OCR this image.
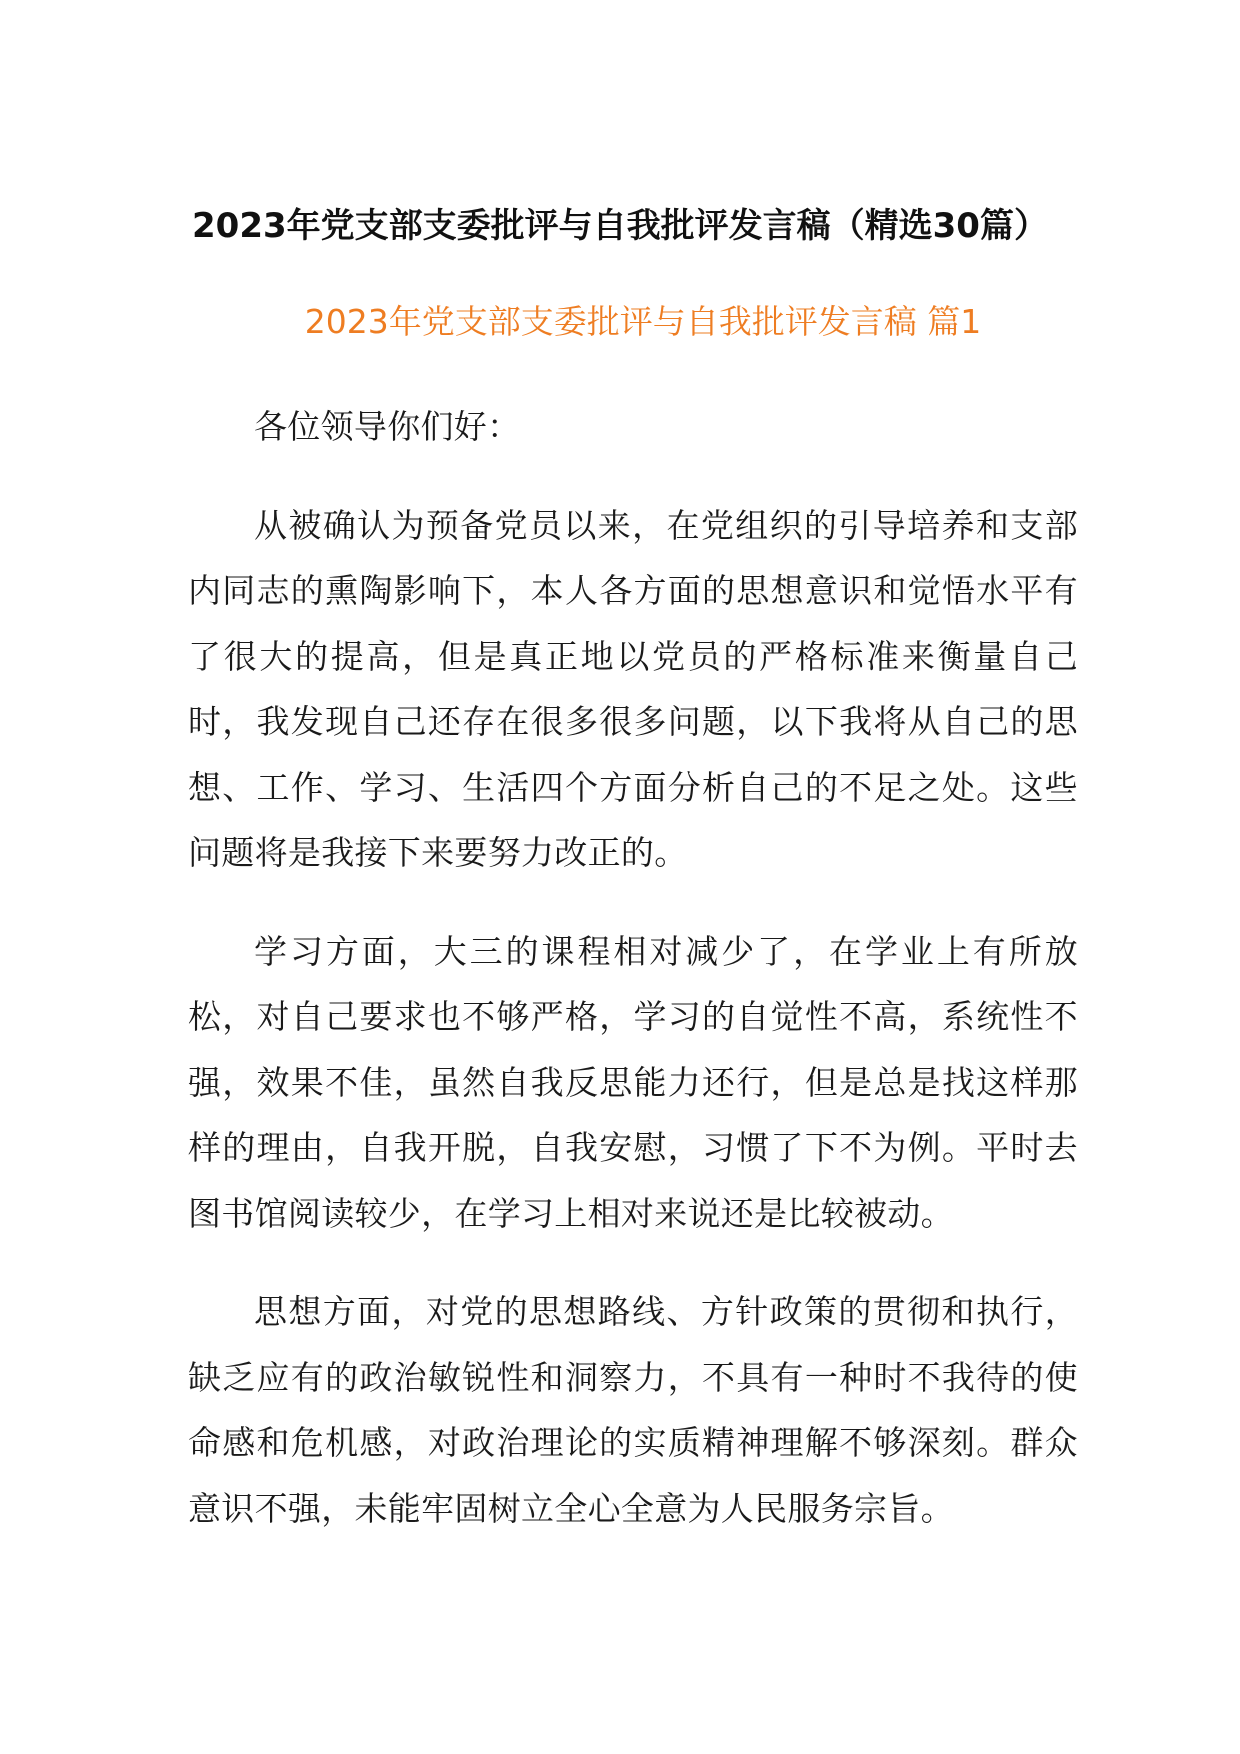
2023年党支部支委批评与自我批评发言稿（精选30篇）
2023年党支部支委批评与自我批评发言稿 篇1

各位领导你们好：

从被确认为预备党员以来，在党组织的引导培养和支部内同志的熏陶影响下，本人各方面的思想意识和觉悟水平有了很大的提高，但是真正地以党员的严格标准来衡量自己时，我发现自己还存在很多很多问题，以下我将从自己的思想、工作、学习、生活四个方面分析自己的不足之处。这些问题将是我接下来要努力改正的。

学习方面，大三的课程相对减少了，在学业上有所放松，对自己要求也不够严格，学习的自觉性不高，系统性不强，效果不佳，虽然自我反思能力还行，但是总是找这样那样的理由，自我开脱，自我安慰，习惯了下不为例。平时去图书馆阅读较少，在学习上相对来说还是比较被动。

思想方面，对党的思想路线、方针政策的贯彻和执行，缺乏应有的政治敏锐性和洞察力，不具有一种时不我待的使命感和危机感，对政治理论的实质精神理解不够深刻。群众意识不强，未能牢固树立全心全意为人民服务宗旨。
